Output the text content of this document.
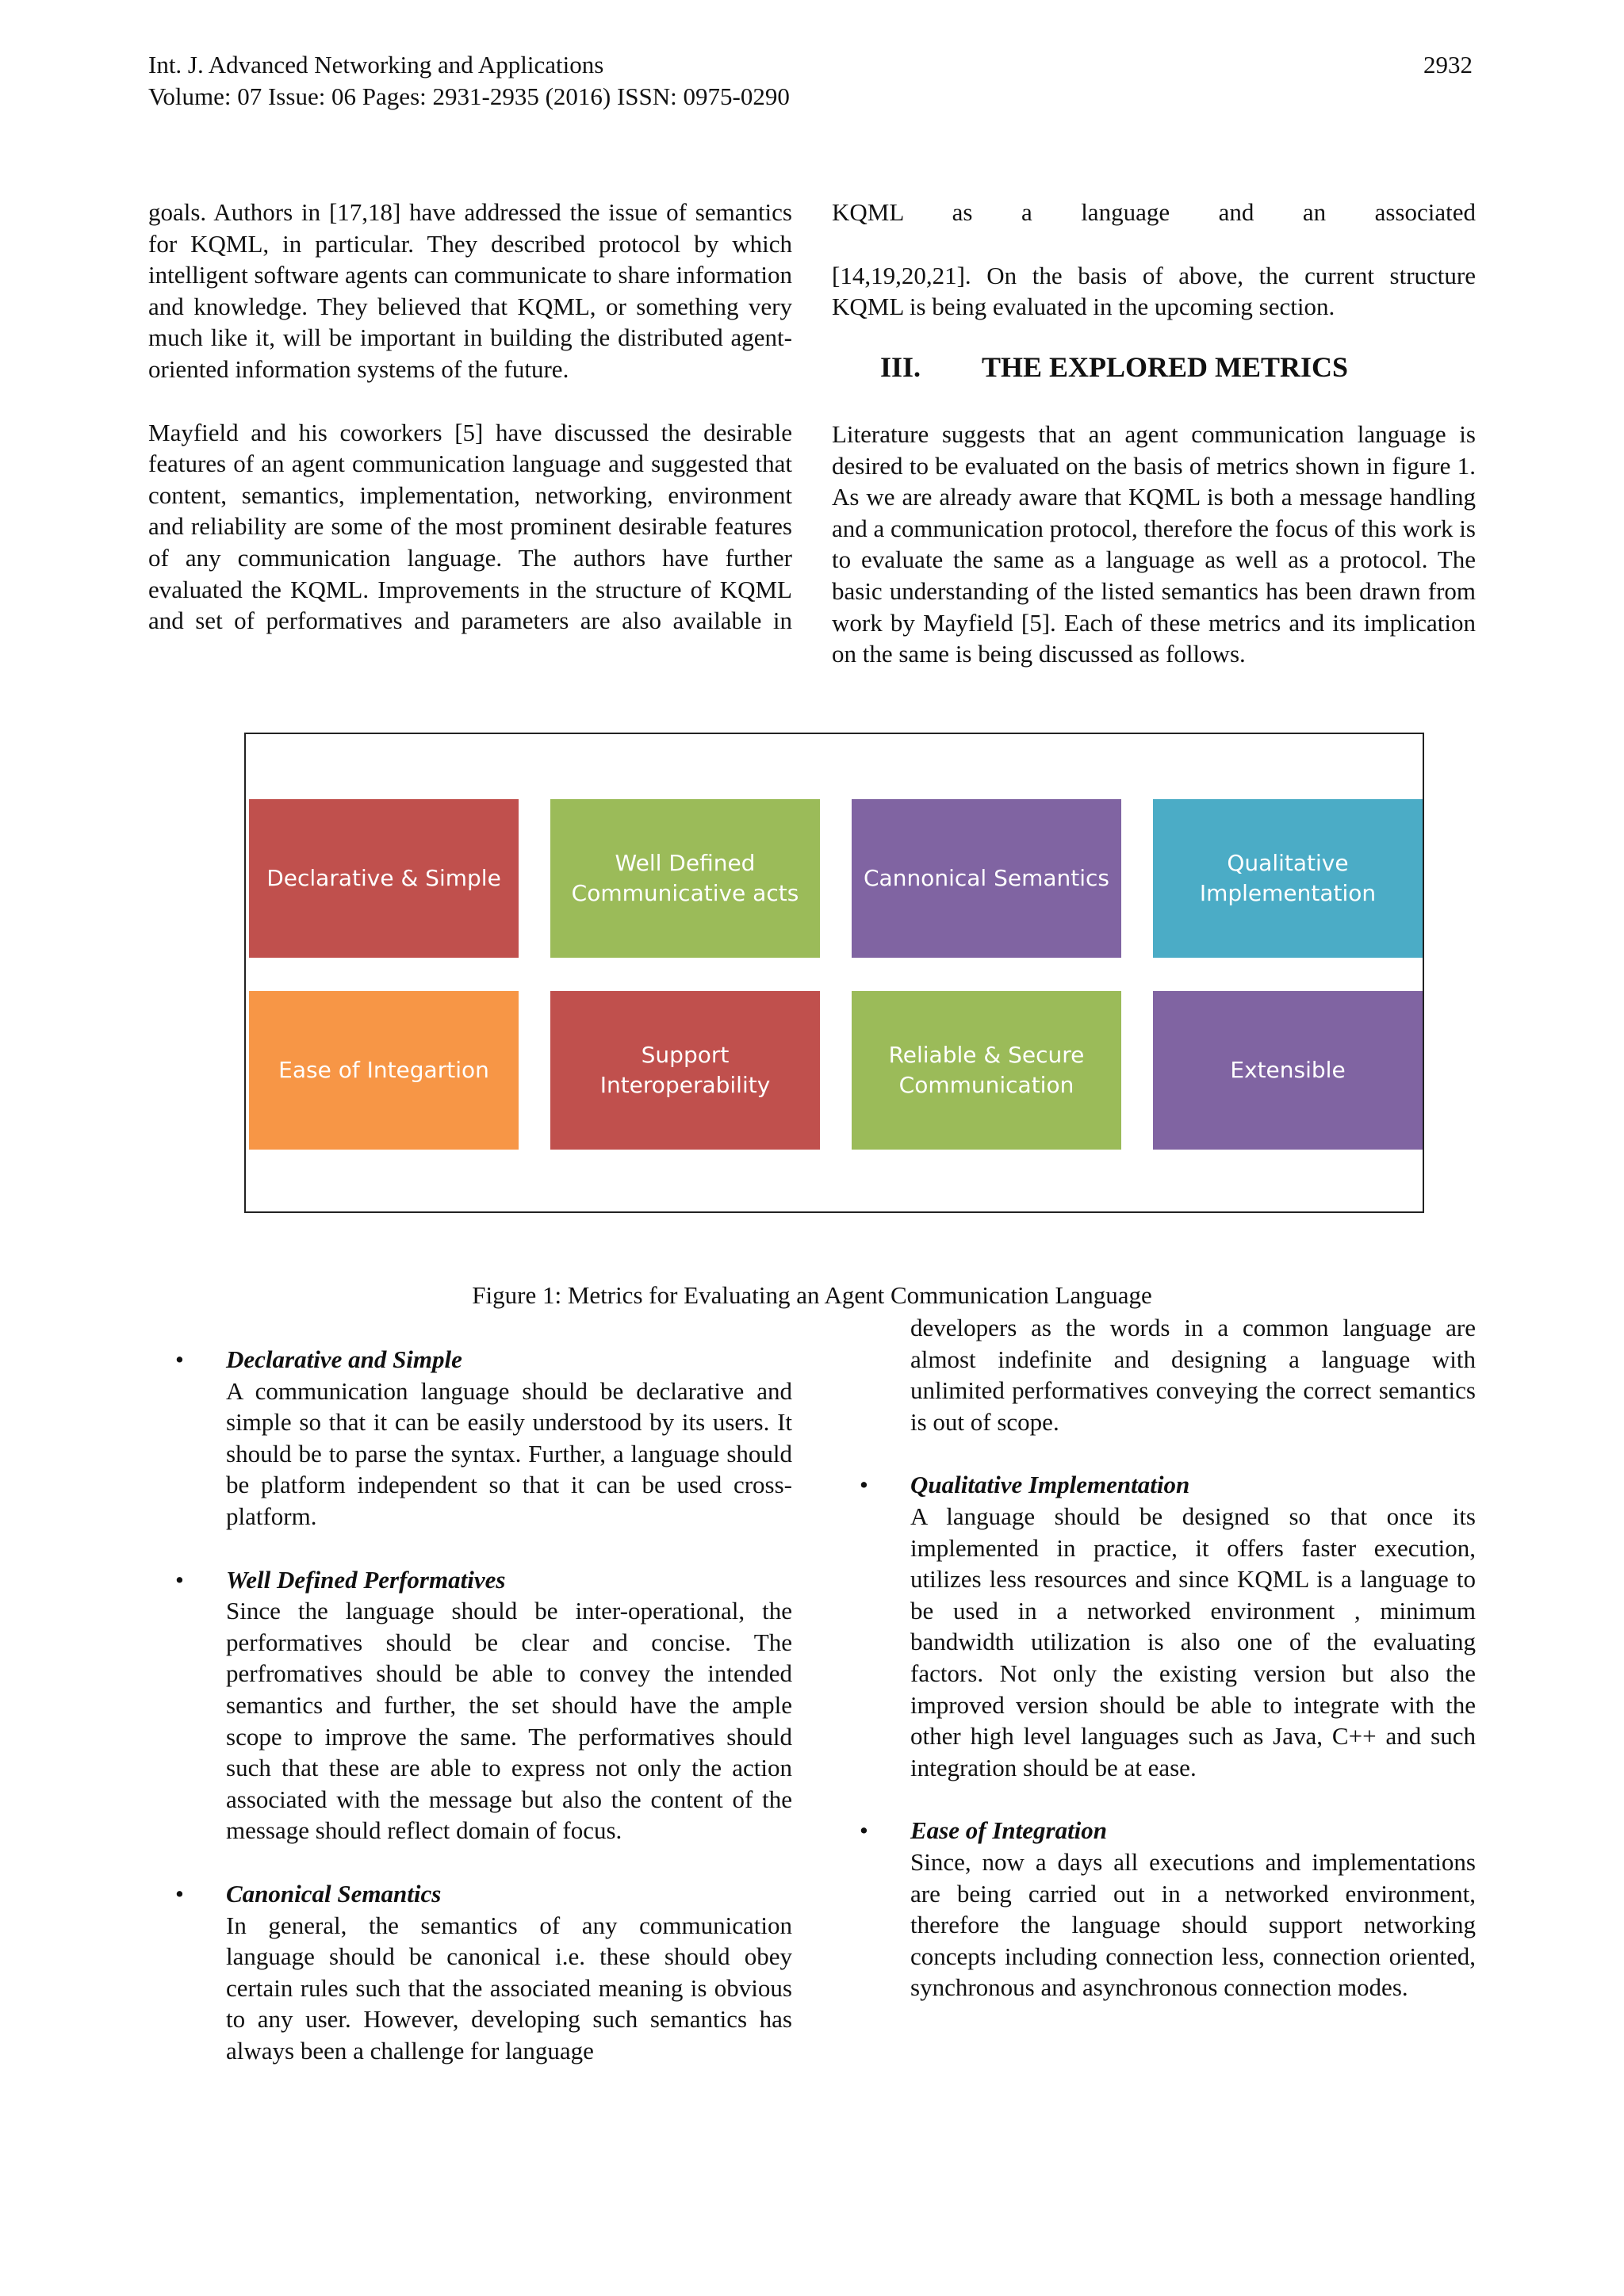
Int. J. Advanced Networking and Applications
Volume: 07 Issue: 06 Pages: 2931-2935 (2016) ISSN: 0975-0290
2932

goals. Authors in [17,18] have addressed the issue of semantics for KQML, in particular. They described protocol by which intelligent software agents can communicate to share information and knowledge. They believed that KQML, or something very much like it, will be important in building the distributed agent-oriented information systems of the future.

Mayfield and his coworkers [5] have discussed the desirable features of an agent communication language and suggested that content, semantics, implementation, networking, environment and reliability are some of the most prominent desirable features of any communication language. The authors have further evaluated the KQML. Improvements in the structure of KQML and set of performatives and parameters are also available in

KQML as a language and an associated

[14,19,20,21]. On the basis of above, the current structure KQML is being evaluated in the upcoming section.

III. THE EXPLORED METRICS

Literature suggests that an agent communication language is desired to be evaluated on the basis of metrics shown in figure 1. As we are already aware that KQML is both a message handling and a communication protocol, therefore the focus of this work is to evaluate the same as a language as well as a protocol. The basic understanding of the listed semantics has been drawn from work by Mayfield [5]. Each of these metrics and its implication on the same is being discussed as follows.

Declarative & Simple
Well Defined Communicative acts
Cannonical Semantics
Qualitative Implementation
Ease of Integartion
Support Interoperability
Reliable & Secure Communication
Extensible
Figure 1: Metrics for Evaluating an Agent Communication Language
• Declarative and Simple

A communication language should be declarative and simple so that it can be easily understood by its users. It should be to parse the syntax. Further, a language should be platform independent so that it can be used cross-platform.

• Well Defined Performatives

Since the language should be inter-operational, the performatives should be clear and concise. The perfromatives should be able to convey the intended semantics and further, the set should have the ample scope to improve the same. The performatives should such that these are able to express not only the action associated with the message but also the content of the message should reflect domain of focus.

• Canonical Semantics

In general, the semantics of any communication language should be canonical i.e. these should obey certain rules such that the associated meaning is obvious to any user. However, developing such semantics has always been a challenge for language

developers as the words in a common language are almost indefinite and designing a language with unlimited performatives conveying the correct semantics is out of scope.

• Qualitative Implementation

A language should be designed so that once its implemented in practice, it offers faster execution, utilizes less resources and since KQML is a language to be used in a networked environment , minimum bandwidth utilization is also one of the evaluating factors. Not only the existing version but also the improved version should be able to integrate with the other high level languages such as Java, C++ and such integration should be at ease.

• Ease of Integration

Since, now a days all executions and implementations are being carried out in a networked environment, therefore the language should support networking concepts including connection less, connection oriented, synchronous and asynchronous connection modes.
